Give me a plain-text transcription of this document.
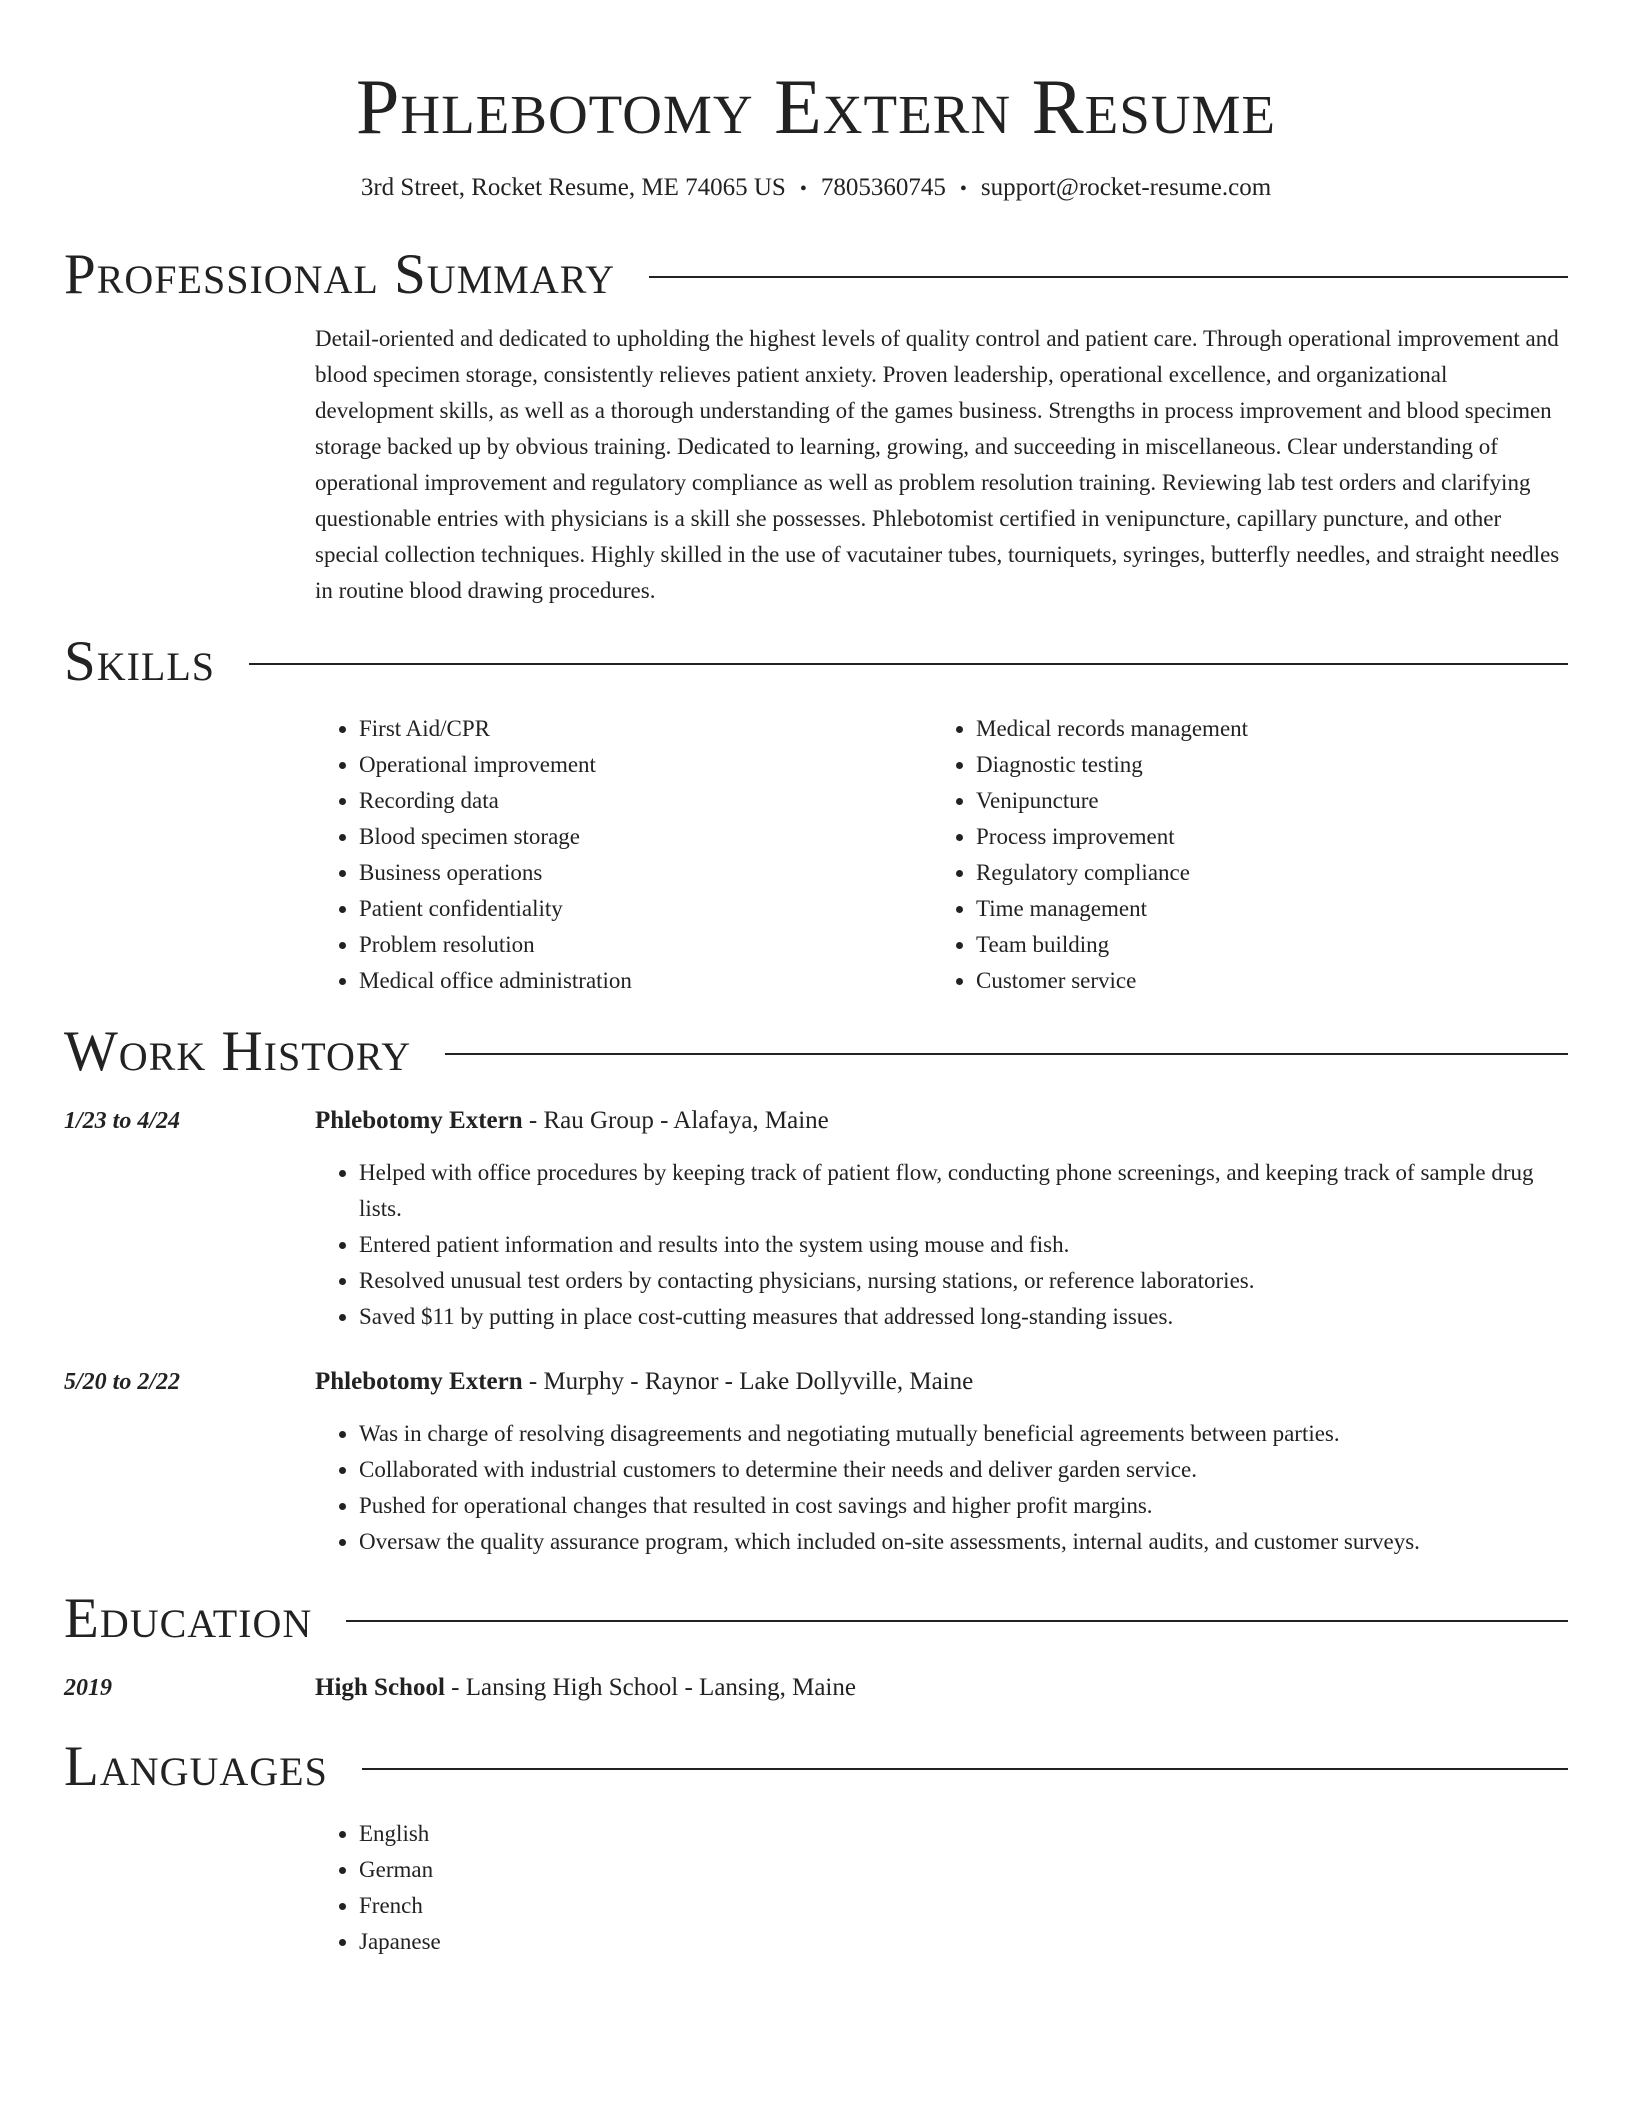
Phlebotomy Extern Resume
3rd Street, Rocket Resume, ME 74065 US • 7805360745 • support@rocket-resume.com
Professional Summary

Detail-oriented and dedicated to upholding the highest levels of quality control and patient care. Through operational improvement and blood specimen storage, consistently relieves patient anxiety. Proven leadership, operational excellence, and organizational development skills, as well as a thorough understanding of the games business. Strengths in process improvement and blood specimen storage backed up by obvious training. Dedicated to learning, growing, and succeeding in miscellaneous. Clear understanding of operational improvement and regulatory compliance as well as problem resolution training. Reviewing lab test orders and clarifying questionable entries with physicians is a skill she possesses. Phlebotomist certified in venipuncture, capillary puncture, and other special collection techniques. Highly skilled in the use of vacutainer tubes, tourniquets, syringes, butterfly needles, and straight needles in routine blood drawing procedures.

Skills
• First Aid/CPR
• Operational improvement
• Recording data
• Blood specimen storage
• Business operations
• Patient confidentiality
• Problem resolution
• Medical office administration
• Medical records management
• Diagnostic testing
• Venipuncture
• Process improvement
• Regulatory compliance
• Time management
• Team building
• Customer service
Work History
1/23 to 4/24	Phlebotomy Extern - Rau Group - Alafaya, Maine
• Helped with office procedures by keeping track of patient flow, conducting phone screenings, and keeping track of sample drug lists.
• Entered patient information and results into the system using mouse and fish.
• Resolved unusual test orders by contacting physicians, nursing stations, or reference laboratories.
• Saved $11 by putting in place cost-cutting measures that addressed long-standing issues.
5/20 to 2/22	Phlebotomy Extern - Murphy - Raynor - Lake Dollyville, Maine
• Was in charge of resolving disagreements and negotiating mutually beneficial agreements between parties.
• Collaborated with industrial customers to determine their needs and deliver garden service.
• Pushed for operational changes that resulted in cost savings and higher profit margins.
• Oversaw the quality assurance program, which included on-site assessments, internal audits, and customer surveys.
Education
2019	High School - Lansing High School - Lansing, Maine
Languages
• English
• German
• French
• Japanese
